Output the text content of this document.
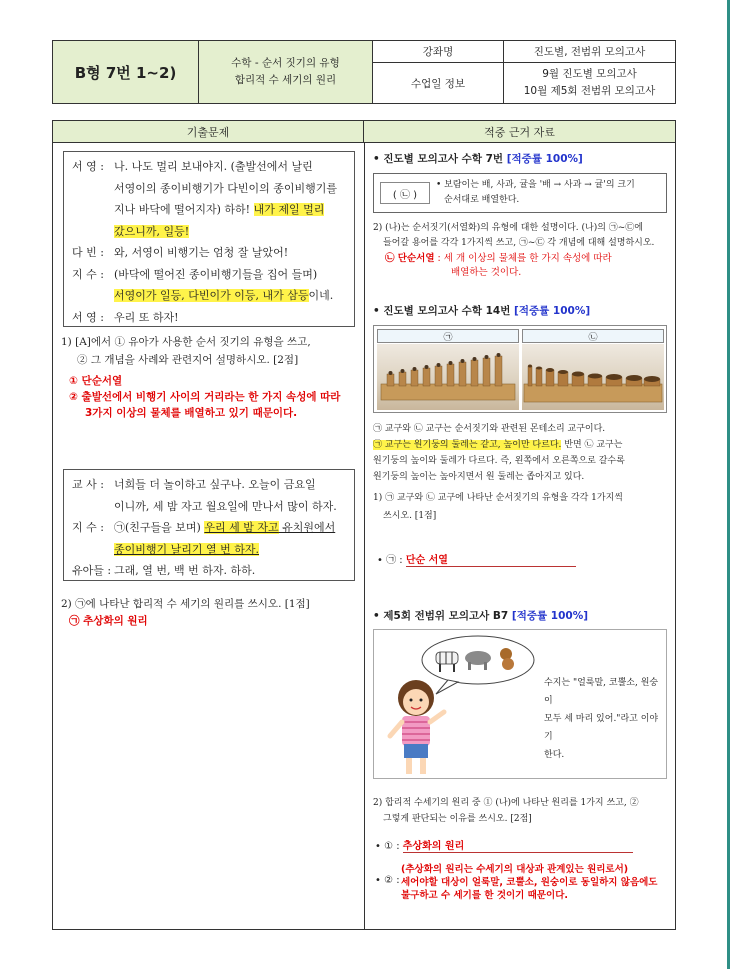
B형 7번 1~2)
수학 - 순서 짓기의 유형
합리적 수 세기의 원리
강좌명
수업일 정보
진도별, 전범위 모의고사
9월 진도별 모의고사
10월 제5회 전범위 모의고사
기출문제	적중 근거 자료
서 영 : 나. 나도 멀리 보내야지. (출발선에서 날린
서영이의 종이비행기가 다빈이의 종이비행기를
지나 바닥에 떨어지자) 하하! 내가 제일 멀리
갔으니까, 일등!
다 빈 : 와, 서영이 비행기는 엄청 잘 날았어!
지 수 : (바닥에 떨어진 종이비행기들을 집어 들며)
서영이가 일등, 다빈이가 이등, 내가 삼등이네.
서 영 : 우리 또 하자!
1) [A]에서 ① 유아가 사용한 순서 짓기의 유형을 쓰고,
② 그 개념을 사례와 관련지어 설명하시오. [2점]
① 단순서열
② 출발선에서 비행기 사이의 거리라는 한 가지 속성에 따라
3가지 이상의 물체를 배열하고 있기 때문이다.
교 사 : 너희들 더 놀이하고 싶구나. 오늘이 금요일
이니까, 세 밤 자고 월요일에 만나서 많이 하자.
지 수 : ㉠(친구들을 보며) 우리 세 밤 자고 유치원에서
종이비행기 날리기 열 번 하자.
유아들 : 그래, 열 번, 백 번 하자. 하하.
2) ㉠에 나타난 합리적 수 세기의 원리를 쓰시오. [1점]
㉠ 추상화의 원리
• 진도별 모의고사 수학 7번 [적중률 100%]
( ㉡ )
• 보람이는 배, 사과, 귤을 '배 → 사과 → 귤'의 크기
순서대로 배열한다.
2) (나)는 순서짓기(서열화)의 유형에 대한 설명이다. (나)의 ㉠~㉢에
들어갈 용어를 각각 1가지씩 쓰고, ㉠~㉢ 각 개념에 대해 설명하시오.
㉡ 단순서열 : 세 개 이상의 물체를 한 가지 속성에 따라
배열하는 것이다.
• 진도별 모의고사 수학 14번 [적중률 100%]
㉠	㉡
㉠ 교구와 ㉡ 교구는 순서짓기와 관련된 몬테소리 교구이다.
㉠ 교구는 원기둥의 둘레는 같고, 높이만 다르다. 반면 ㉡ 교구는
원기둥의 높이와 둘레가 다르다. 즉, 왼쪽에서 오른쪽으로 갈수록
원기둥의 높이는 높아지면서 원 둘레는 좁아지고 있다.
1) ㉠ 교구와 ㉡ 교구에 나타난 순서짓기의 유형을 각각 1가지씩
쓰시오. [1점]
• ㉠ : 단순 서열
• 제5회 전범위 모의고사 B7 [적중률 100%]
수지는 "얼룩말, 코뿔소, 원숭이
모두 세 마리 있어."라고 이야기
한다.
2) 합리적 수세기의 원리 중 ① (나)에 나타난 원리를 1가지 쓰고, ②
그렇게 판단되는 이유를 쓰시오. [2점]
• ① : 추상화의 원리
• ② :
(추상화의 원리는 수세기의 대상과 관계있는 원리로서)
세어야할 대상이 얼룩말, 코뿔소, 원숭이로 동일하지 않음에도
불구하고 수 세기를 한 것이기 때문이다.
